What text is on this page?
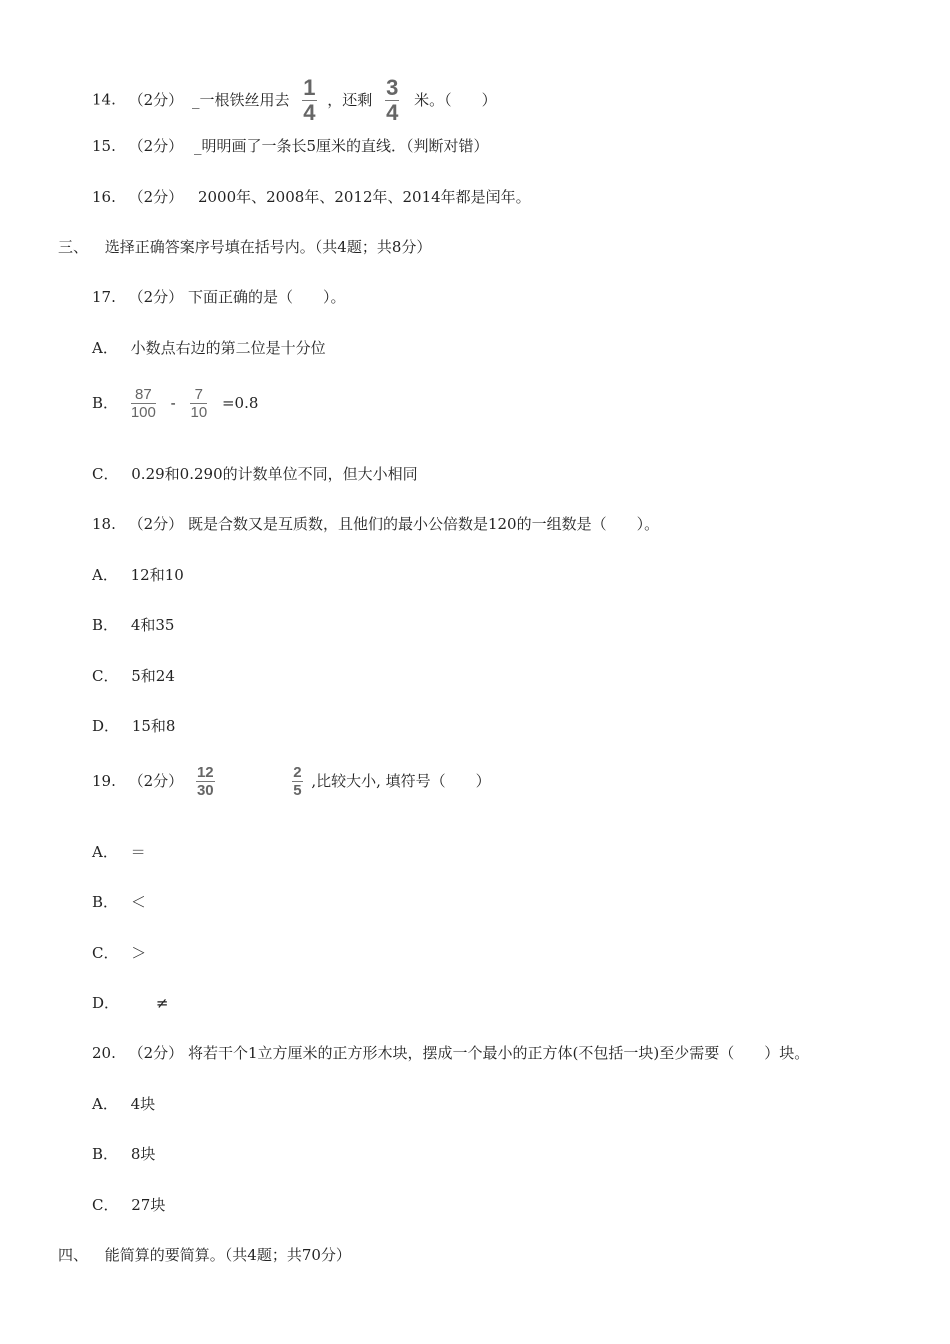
14. （2分） _一根铁丝用去 $\frac{1}{4}$ ，还剩 $\frac{3}{4}$ 米。（　　）
15. （2分） _明明画了一条长5厘米的直线．（判断对错）
16. （2分） 2000年、2008年、2012年、2014年都是闰年。
三、 选择正确答案序号填在括号内。（共4题；共8分）
17. （2分） 下面正确的是（　　）。
A． 小数点右边的第二位是十分位
B． $\frac{87}{100} - \frac{7}{10} =0.8$
C． 0.29和0.290的计数单位不同，但大小相同
18. （2分） 既是合数又是互质数，且他们的最小公倍数是120的一组数是（　　）。
A． 12和10
B． 4和35
C． 5和24
D． 15和8
19. （2分） $\frac{12}{30}$
	$\frac{2}{5}$ ,比较大小, 填符号（　　）
A． ＝
B． ＜
C． ＞
D． ≠
20. （2分） 将若干个1立方厘米的正方形木块，摆成一个最小的正方体(不包括一块)至少需要（　　）块。
A． 4块
B． 8块
C． 27块
四、 能简算的要简算。（共4题；共70分）
